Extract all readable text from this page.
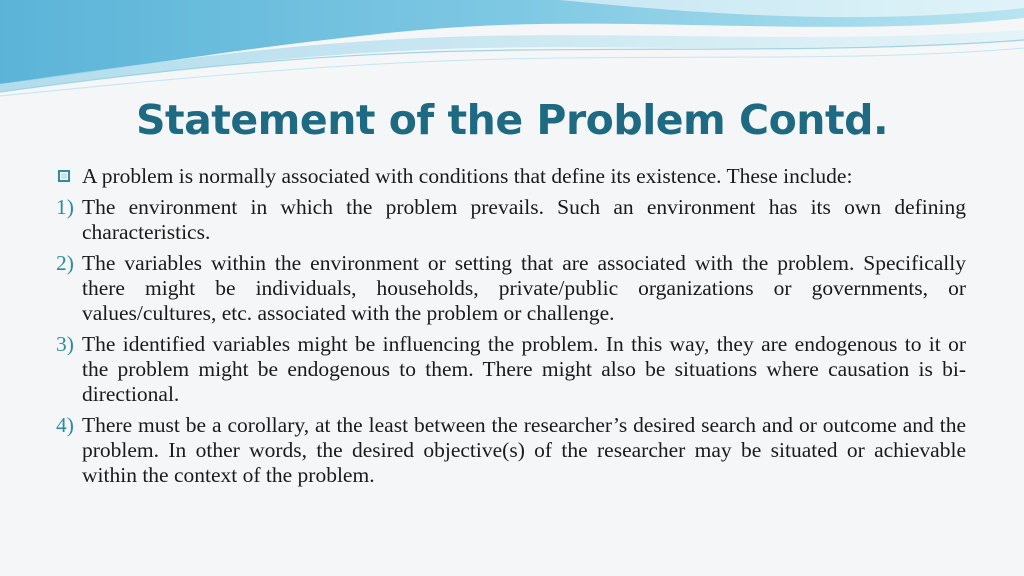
Statement of the Problem Contd.
A problem is normally associated with conditions that define its existence. These include:
1) The environment in which the problem prevails. Such an environment has its own defining characteristics.
2) The variables within the environment or setting that are associated with the problem. Specifically there might be individuals, households, private/public organizations or governments, or values/cultures, etc. associated with the problem or challenge.
3) The identified variables might be influencing the problem. In this way, they are endogenous to it or the problem might be endogenous to them. There might also be situations where causation is bi-directional.
4) There must be a corollary, at the least between the researcher’s desired search and or outcome and the problem. In other words, the desired objective(s) of the researcher may be situated or achievable within the context of the problem.
